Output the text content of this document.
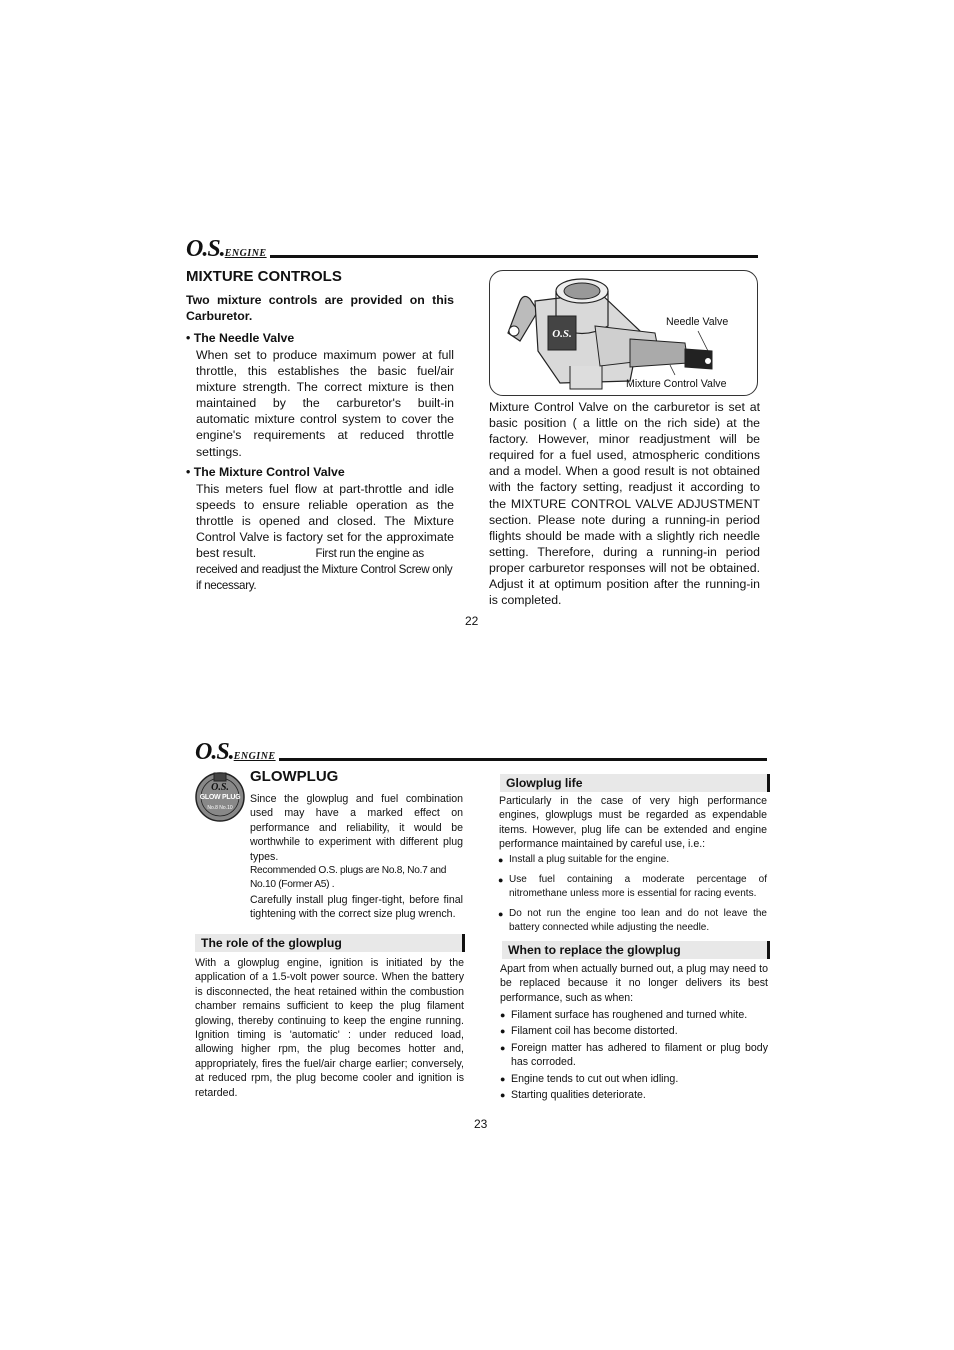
O.S.ENGINE
MIXTURE CONTROLS
Two mixture controls are provided on this Carburetor.
• The Needle Valve
When set to produce maximum power at full throttle, this establishes the basic fuel/air mixture strength. The correct mixture is then maintained by the carburetor's built-in automatic mixture control system to cover the engine's requirements at reduced throttle settings.
• The Mixture Control Valve
This meters fuel flow at part-throttle and idle speeds to ensure reliable operation as the throttle is opened and closed. The Mixture Control Valve is factory set for the approximate best result.	First run the engine as received and readjust the Mixture Control Screw only if necessary.
O.S.
Needle Valve
Mixture Control Valve
Mixture Control Valve on the carburetor is set at basic position ( a little on the rich side) at the factory. However, minor readjustment will be required for a fuel used, atmospheric conditions and a model. When a good result is not obtained with the factory setting, readjust it according to the MIXTURE CONTROL VALVE ADJUSTMENT section. Please note during a running-in period flights should be made with a slightly rich needle setting. Therefore, during a running-in period proper carburetor responses will not be obtained. Adjust it at optimum position after the running-in is completed.
22
O.S.ENGINE
O.S.
GLOW PLUG
No.8 No.10
GLOWPLUG
Since the glowplug and fuel combination used may have a marked effect on performance and reliability, it would be worthwhile to experiment with different plug types.
Recommended O.S. plugs are No.8, No.7 and No.10 (Former A5) .
Carefully install plug finger-tight, before final tightening with the correct size plug wrench.
The role of the glowplug
With a glowplug engine, ignition is initiated by the application of a 1.5-volt power source. When the battery is disconnected, the heat retained within the combustion chamber remains sufficient to keep the plug filament glowing, thereby continuing to keep the engine running. Ignition timing is 'automatic' : under reduced load, allowing higher rpm, the plug becomes hotter and, appropriately, fires the fuel/air charge earlier; conversely, at reduced rpm, the plug become cooler and ignition is retarded.
Glowplug life
Particularly in the case of very high performance engines, glowplugs must be regarded as expendable items. However, plug life can be extended and engine performance maintained by careful use, i.e.:
● Install a plug suitable for the engine.
● Use fuel containing a moderate percentage of nitromethane unless more is essential for racing events.
● Do not run the engine too lean and do not leave the battery connected while adjusting the needle.
When to replace the glowplug
Apart from when actually burned out, a plug may need to be replaced because it no longer delivers its best performance, such as when:
● Filament surface has roughened and turned white.
● Filament coil has become distorted.
● Foreign matter has adhered to filament or plug body has corroded.
● Engine tends to cut out when idling.
● Starting qualities deteriorate.
23
